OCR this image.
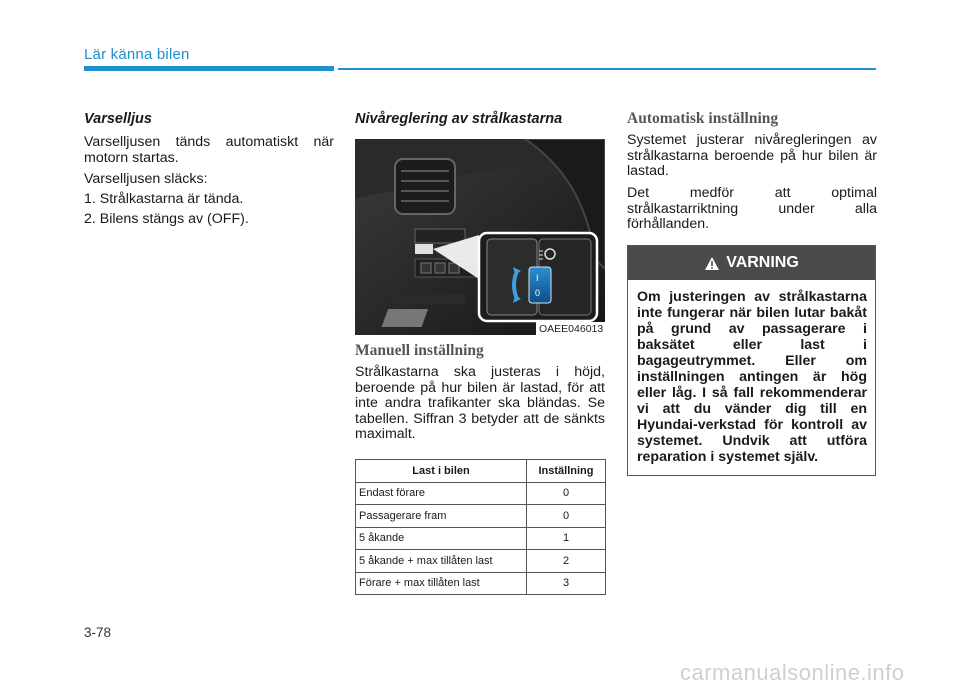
Lär känna bilen
Varselljus

Varselljusen tänds automatiskt när motorn startas.

Varselljusen släcks:

1. Strålkastarna är tända.

2. Bilens stängs av (OFF).

Nivåreglering av strålkastarna
I
0
OAEE046013
Manuell inställning

Strålkastarna ska justeras i höjd, beroende på hur bilen är lastad, för att inte andra trafikanter ska bländas. Se tabellen. Siffran 3 betyder att de sänkts maximalt.

Last i bilen	Inställning
Endast förare	0
Passagerare fram	0
5 åkande	1
5 åkande + max tillåten last	2
Förare + max tillåten last	3
Automatisk inställning

Systemet justerar nivåregleringen av strålkastarna beroende på hur bilen är lastad.

Det medför att optimal strålkastarriktning under alla förhållanden.

VARNING
Om justeringen av strålkastarna inte fungerar när bilen lutar bakåt på grund av passagerare i baksätet eller last i bagageutrymmet. Eller om inställningen antingen är hög eller låg. I så fall rekommenderar vi att du vänder dig till en Hyundai-verkstad för kontroll av systemet. Undvik att utföra reparation i systemet själv.
3-78
carmanualsonline.info
